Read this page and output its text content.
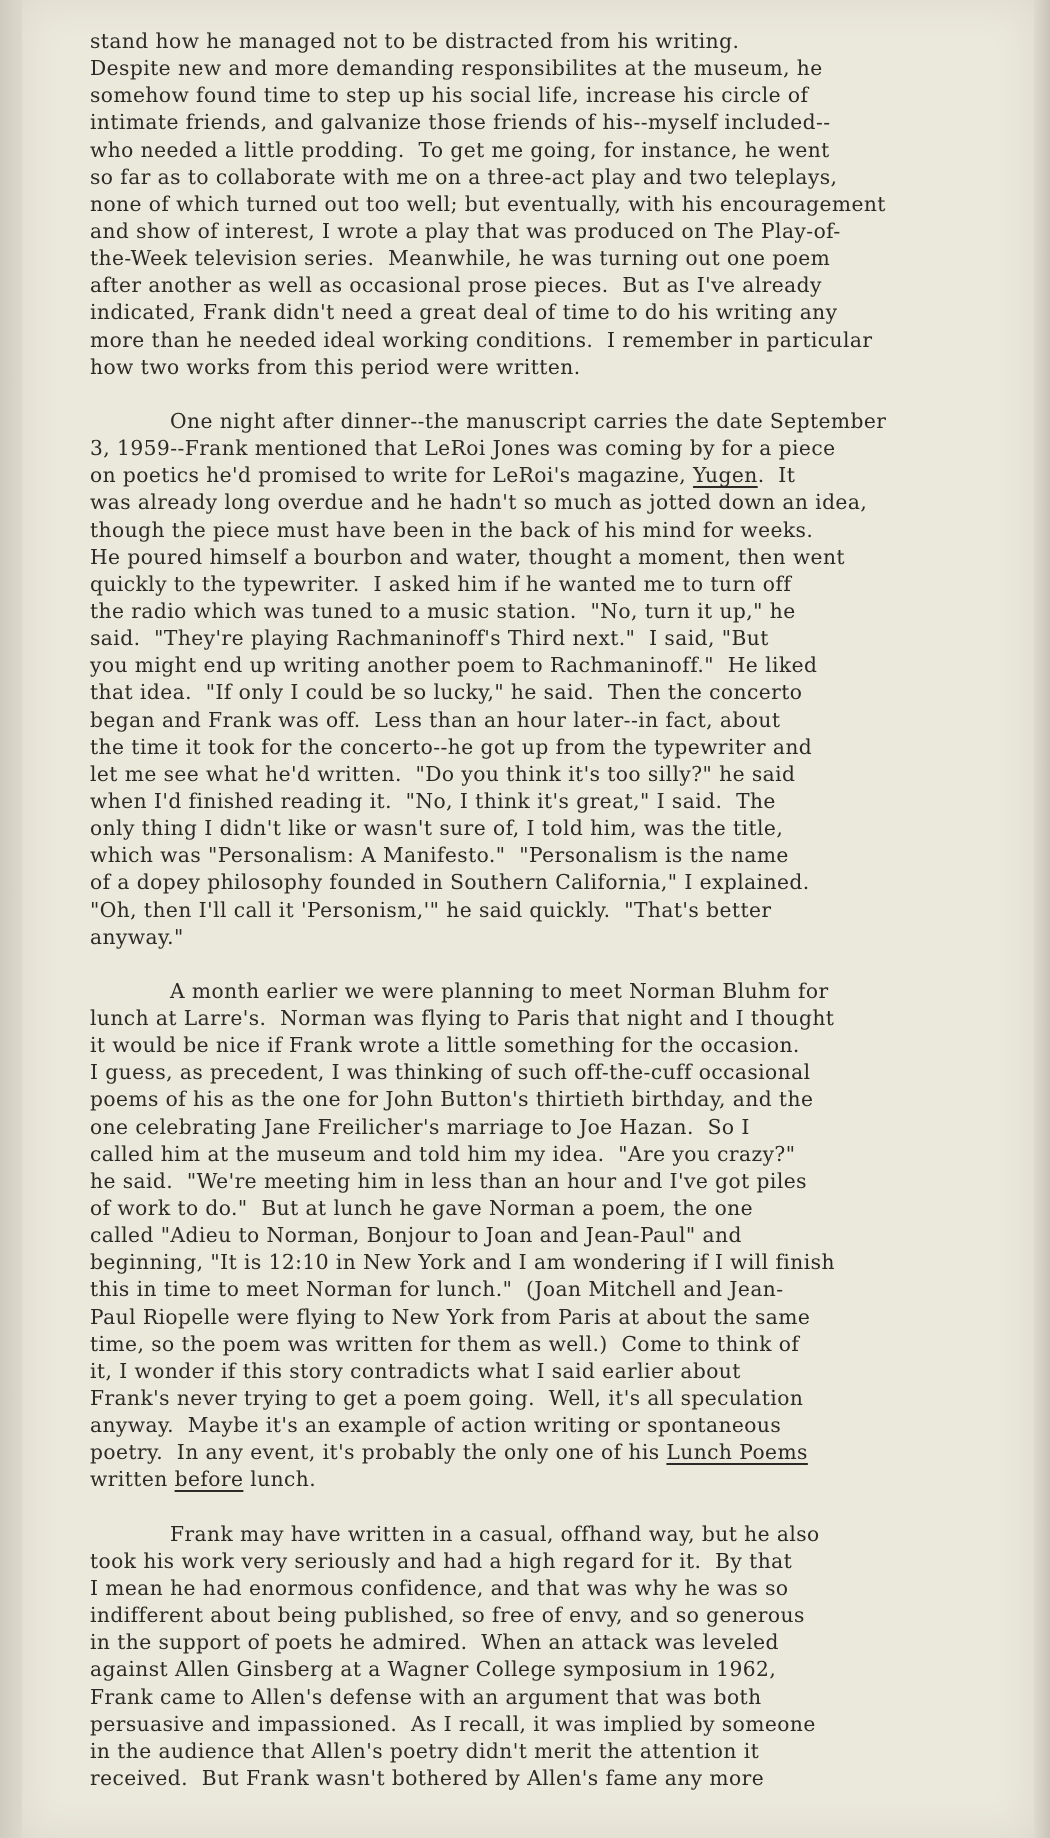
stand how he managed not to be distracted from his writing.
Despite new and more demanding responsibilites at the museum, he
somehow found time to step up his social life, increase his circle of
intimate friends, and galvanize those friends of his--myself included--
who needed a little prodding.  To get me going, for instance, he went
so far as to collaborate with me on a three-act play and two teleplays,
none of which turned out too well; but eventually, with his encouragement
and show of interest, I wrote a play that was produced on The Play-of-
the-Week television series.  Meanwhile, he was turning out one poem
after another as well as occasional prose pieces.  But as I've already
indicated, Frank didn't need a great deal of time to do his writing any
more than he needed ideal working conditions.  I remember in particular
how two works from this period were written.
One night after dinner--the manuscript carries the date September
3, 1959--Frank mentioned that LeRoi Jones was coming by for a piece
on poetics he'd promised to write for LeRoi's magazine, Yugen.  It
was already long overdue and he hadn't so much as jotted down an idea,
though the piece must have been in the back of his mind for weeks.
He poured himself a bourbon and water, thought a moment, then went
quickly to the typewriter.  I asked him if he wanted me to turn off
the radio which was tuned to a music station.  "No, turn it up," he
said.  "They're playing Rachmaninoff's Third next."  I said, "But
you might end up writing another poem to Rachmaninoff."  He liked
that idea.  "If only I could be so lucky," he said.  Then the concerto
began and Frank was off.  Less than an hour later--in fact, about
the time it took for the concerto--he got up from the typewriter and
let me see what he'd written.  "Do you think it's too silly?" he said
when I'd finished reading it.  "No, I think it's great," I said.  The
only thing I didn't like or wasn't sure of, I told him, was the title,
which was "Personalism: A Manifesto."  "Personalism is the name
of a dopey philosophy founded in Southern California," I explained.
"Oh, then I'll call it 'Personism,'" he said quickly.  "That's better
anyway."
A month earlier we were planning to meet Norman Bluhm for
lunch at Larre's.  Norman was flying to Paris that night and I thought
it would be nice if Frank wrote a little something for the occasion.
I guess, as precedent, I was thinking of such off-the-cuff occasional
poems of his as the one for John Button's thirtieth birthday, and the
one celebrating Jane Freilicher's marriage to Joe Hazan.  So I
called him at the museum and told him my idea.  "Are you crazy?"
he said.  "We're meeting him in less than an hour and I've got piles
of work to do."  But at lunch he gave Norman a poem, the one
called "Adieu to Norman, Bonjour to Joan and Jean-Paul" and
beginning, "It is 12:10 in New York and I am wondering if I will finish
this in time to meet Norman for lunch."  (Joan Mitchell and Jean-
Paul Riopelle were flying to New York from Paris at about the same
time, so the poem was written for them as well.)  Come to think of
it, I wonder if this story contradicts what I said earlier about
Frank's never trying to get a poem going.  Well, it's all speculation
anyway.  Maybe it's an example of action writing or spontaneous
poetry.  In any event, it's probably the only one of his Lunch Poems
written before lunch.
Frank may have written in a casual, offhand way, but he also
took his work very seriously and had a high regard for it.  By that
I mean he had enormous confidence, and that was why he was so
indifferent about being published, so free of envy, and so generous
in the support of poets he admired.  When an attack was leveled
against Allen Ginsberg at a Wagner College symposium in 1962,
Frank came to Allen's defense with an argument that was both
persuasive and impassioned.  As I recall, it was implied by someone
in the audience that Allen's poetry didn't merit the attention it
received.  But Frank wasn't bothered by Allen's fame any more
